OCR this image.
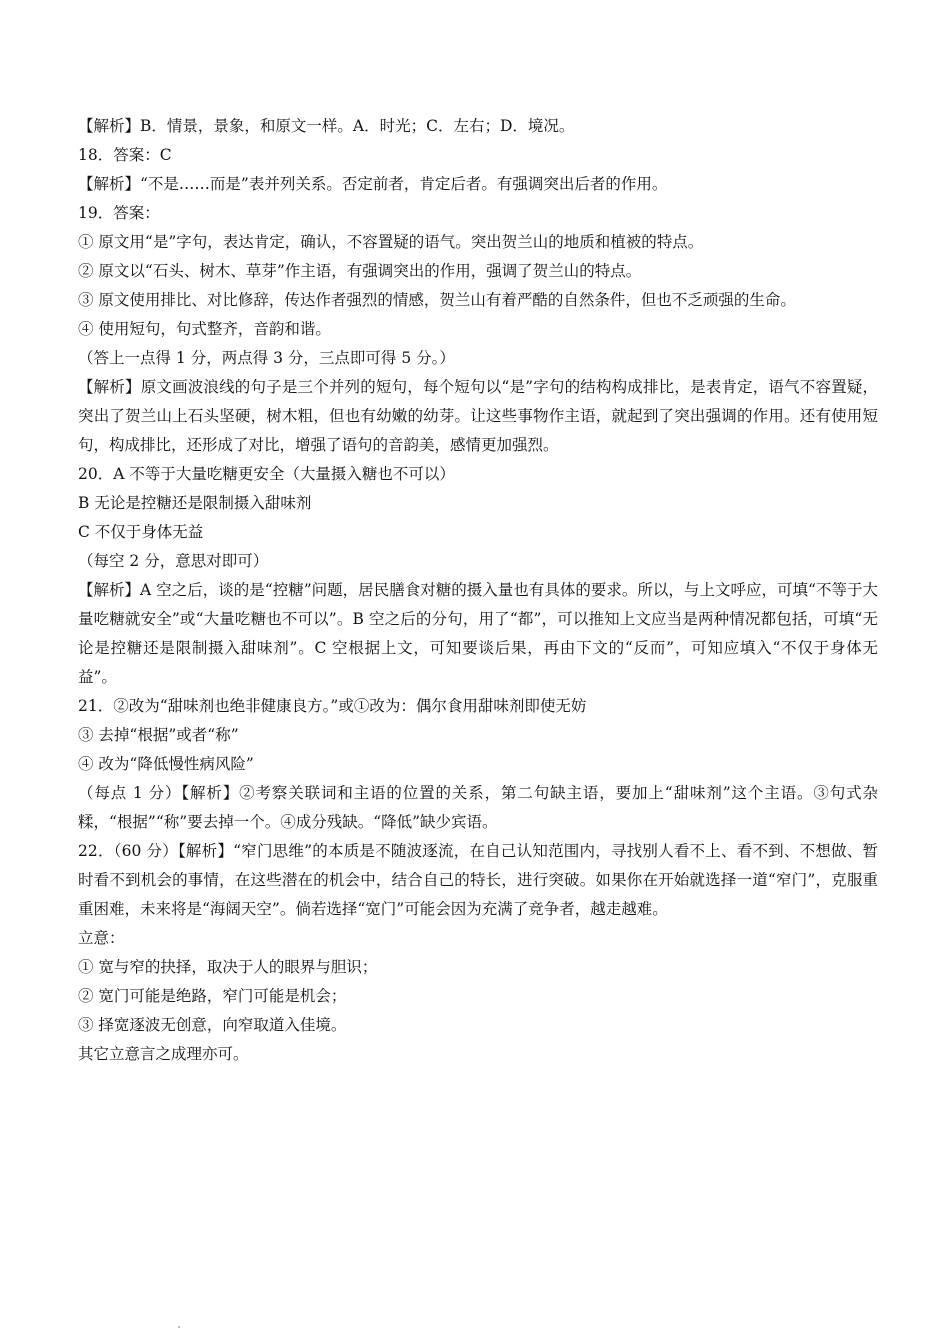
【解析】B．情景，景象，和原文一样。A．时光；C．左右；D．境况。

18．答案：C

【解析】“不是……而是”表并列关系。否定前者，肯定后者。有强调突出后者的作用。

19．答案：

① 原文用“是”字句，表达肯定，确认，不容置疑的语气。突出贺兰山的地质和植被的特点。

② 原文以“石头、树木、草芽”作主语，有强调突出的作用，强调了贺兰山的特点。

③ 原文使用排比、对比修辞，传达作者强烈的情感，贺兰山有着严酷的自然条件，但也不乏顽强的生命。

④ 使用短句，句式整齐，音韵和谐。

（答上一点得 1 分，两点得 3 分，三点即可得 5 分。）

【解析】原文画波浪线的句子是三个并列的短句，每个短句以“是”字句的结构构成排比，是表肯定，语气不容置疑，突出了贺兰山上石头坚硬，树木粗，但也有幼嫩的幼芽。让这些事物作主语，就起到了突出强调的作用。还有使用短句，构成排比，还形成了对比，增强了语句的音韵美，感情更加强烈。

20．A 不等于大量吃糖更安全（大量摄入糖也不可以）

B 无论是控糖还是限制摄入甜味剂

C 不仅于身体无益

（每空 2 分，意思对即可）

【解析】A 空之后，谈的是“控糖”问题，居民膳食对糖的摄入量也有具体的要求。所以，与上文呼应，可填“不等于大量吃糖就安全”或“大量吃糖也不可以”。B 空之后的分句，用了“都”，可以推知上文应当是两种情况都包括，可填“无论是控糖还是限制摄入甜味剂”。C 空根据上文，可知要谈后果，再由下文的“反而”，可知应填入“不仅于身体无益”。

21．②改为“甜味剂也绝非健康良方。”或①改为：偶尔食用甜味剂即使无妨

③ 去掉“根据”或者“称”

④ 改为“降低慢性病风险”

（每点 1 分）【解析】②考察关联词和主语的位置的关系，第二句缺主语，要加上“甜味剂”这个主语。③句式杂糅，“根据”“称”要去掉一个。④成分残缺。“降低”缺少宾语。

22．（60 分）【解析】“窄门思维”的本质是不随波逐流，在自己认知范围内，寻找别人看不上、看不到、不想做、暂时看不到机会的事情，在这些潜在的机会中，结合自己的特长，进行突破。如果你在开始就选择一道“窄门”，克服重重困难，未来将是“海阔天空”。倘若选择“宽门”可能会因为充满了竞争者，越走越难。

立意：

① 宽与窄的抉择，取决于人的眼界与胆识；

② 宽门可能是绝路，窄门可能是机会；

③ 择宽逐波无创意，向窄取道入佳境。

其它立意言之成理亦可。
